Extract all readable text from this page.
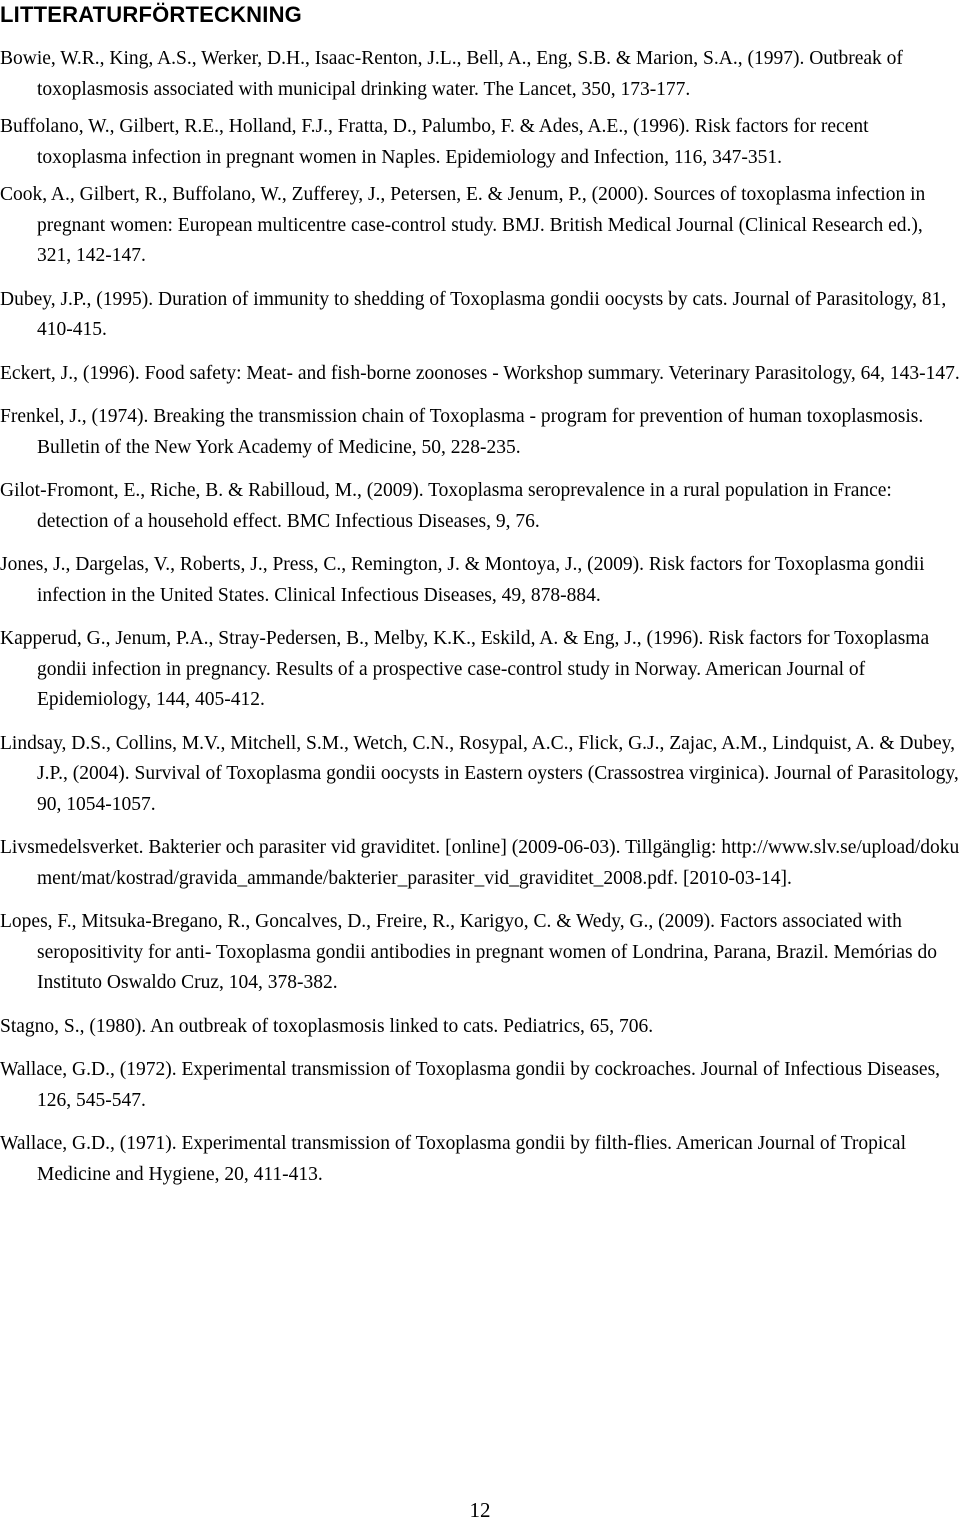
LITTERATURFÖRTECKNING
Bowie, W.R., King, A.S., Werker, D.H., Isaac-Renton, J.L., Bell, A., Eng, S.B. & Marion, S.A., (1997). Outbreak of toxoplasmosis associated with municipal drinking water. The Lancet, 350, 173-177.
Buffolano, W., Gilbert, R.E., Holland, F.J., Fratta, D., Palumbo, F. & Ades, A.E., (1996). Risk factors for recent toxoplasma infection in pregnant women in Naples. Epidemiology and Infection, 116, 347-351.
Cook, A., Gilbert, R., Buffolano, W., Zufferey, J., Petersen, E. & Jenum, P., (2000). Sources of toxoplasma infection in pregnant women: European multicentre case-control study. BMJ. British Medical Journal (Clinical Research ed.), 321, 142-147.
Dubey, J.P., (1995). Duration of immunity to shedding of Toxoplasma gondii oocysts by cats. Journal of Parasitology, 81, 410-415.
Eckert, J., (1996). Food safety: Meat- and fish-borne zoonoses - Workshop summary. Veterinary Parasitology, 64, 143-147.
Frenkel, J., (1974). Breaking the transmission chain of Toxoplasma - program for prevention of human toxoplasmosis. Bulletin of the New York Academy of Medicine, 50, 228-235.
Gilot-Fromont, E., Riche, B. & Rabilloud, M., (2009). Toxoplasma seroprevalence in a rural population in France: detection of a household effect. BMC Infectious Diseases, 9, 76.
Jones, J., Dargelas, V., Roberts, J., Press, C., Remington, J. & Montoya, J., (2009). Risk factors for Toxoplasma gondii infection in the United States. Clinical Infectious Diseases, 49, 878-884.
Kapperud, G., Jenum, P.A., Stray-Pedersen, B., Melby, K.K., Eskild, A. & Eng, J., (1996). Risk factors for Toxoplasma gondii infection in pregnancy. Results of a prospective case-control study in Norway. American Journal of Epidemiology, 144, 405-412.
Lindsay, D.S., Collins, M.V., Mitchell, S.M., Wetch, C.N., Rosypal, A.C., Flick, G.J., Zajac, A.M., Lindquist, A. & Dubey, J.P., (2004). Survival of Toxoplasma gondii oocysts in Eastern oysters (Crassostrea virginica). Journal of Parasitology, 90, 1054-1057.
Livsmedelsverket. Bakterier och parasiter vid graviditet. [online] (2009-06-03). Tillgänglig: http://www.slv.se/upload/dokument/mat/kostrad/gravida_ammande/bakterier_parasiter_vid_graviditet_2008.pdf. [2010-03-14].
Lopes, F., Mitsuka-Bregano, R., Goncalves, D., Freire, R., Karigyo, C. & Wedy, G., (2009). Factors associated with seropositivity for anti- Toxoplasma gondii antibodies in pregnant women of Londrina, Parana, Brazil. Memórias do Instituto Oswaldo Cruz, 104, 378-382.
Stagno, S., (1980). An outbreak of toxoplasmosis linked to cats. Pediatrics, 65, 706.
Wallace, G.D., (1972). Experimental transmission of Toxoplasma gondii by cockroaches. Journal of Infectious Diseases, 126, 545-547.
Wallace, G.D., (1971). Experimental transmission of Toxoplasma gondii by filth-flies. American Journal of Tropical Medicine and Hygiene, 20, 411-413.
12
